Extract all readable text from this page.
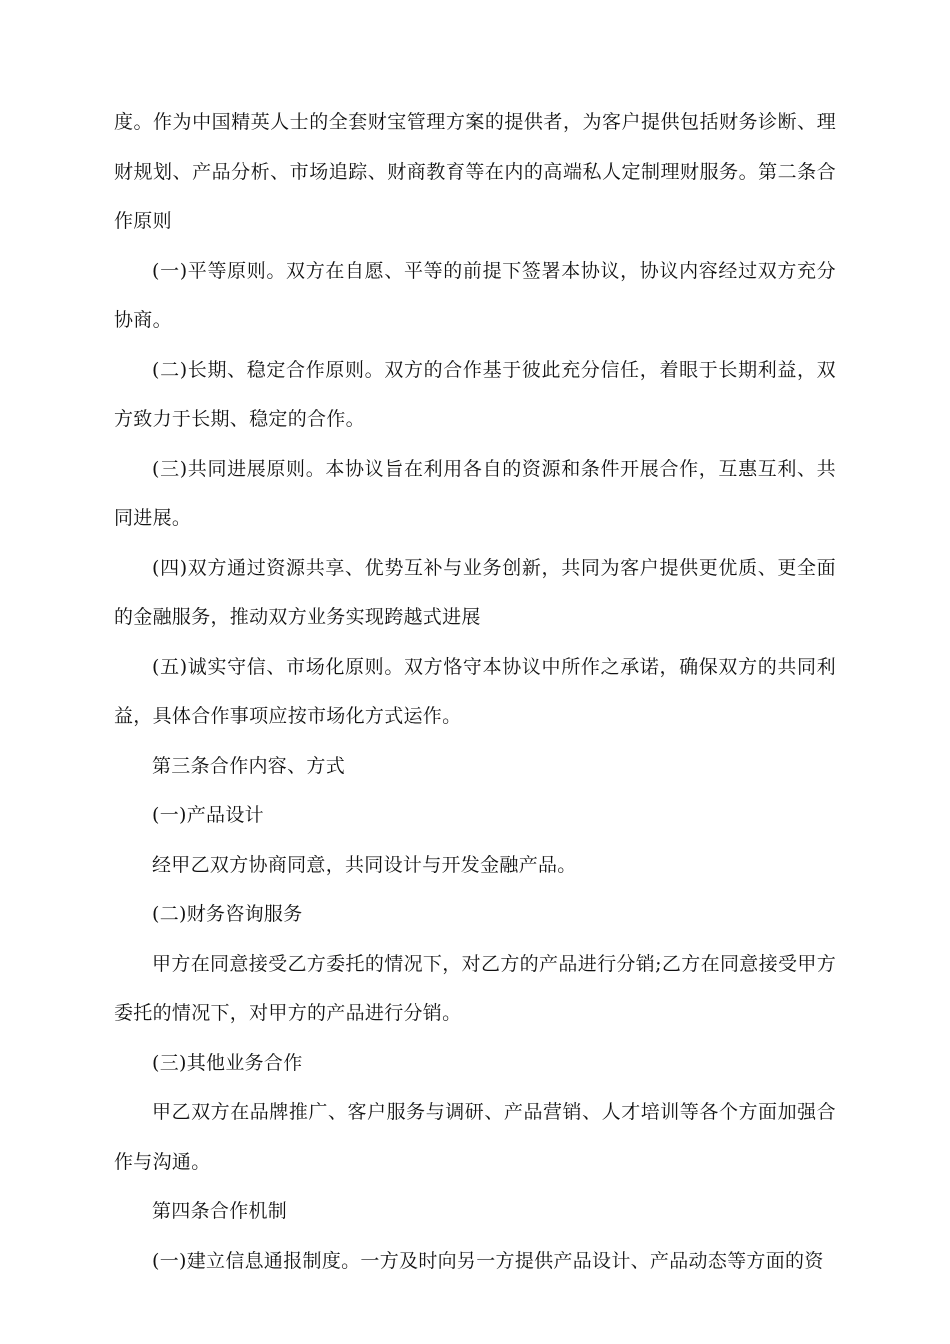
度。作为中国精英人士的全套财宝管理方案的提供者，为客户提供包括财务诊断、理财规划、产品分析、市场追踪、财商教育等在内的高端私人定制理财服务。第二条合作原则

(一)平等原则。双方在自愿、平等的前提下签署本协议，协议内容经过双方充分协商。

(二)长期、稳定合作原则。双方的合作基于彼此充分信任，着眼于长期利益，双方致力于长期、稳定的合作。

(三)共同进展原则。本协议旨在利用各自的资源和条件开展合作，互惠互利、共同进展。

(四)双方通过资源共享、优势互补与业务创新，共同为客户提供更优质、更全面的金融服务，推动双方业务实现跨越式进展

(五)诚实守信、市场化原则。双方恪守本协议中所作之承诺，确保双方的共同利益，具体合作事项应按市场化方式运作。

第三条合作内容、方式

(一)产品设计

经甲乙双方协商同意，共同设计与开发金融产品。

(二)财务咨询服务

甲方在同意接受乙方委托的情况下，对乙方的产品进行分销;乙方在同意接受甲方委托的情况下，对甲方的产品进行分销。

(三)其他业务合作

甲乙双方在品牌推广、客户服务与调研、产品营销、人才培训等各个方面加强合作与沟通。

第四条合作机制

(一)建立信息通报制度。一方及时向另一方提供产品设计、产品动态等方面的资
